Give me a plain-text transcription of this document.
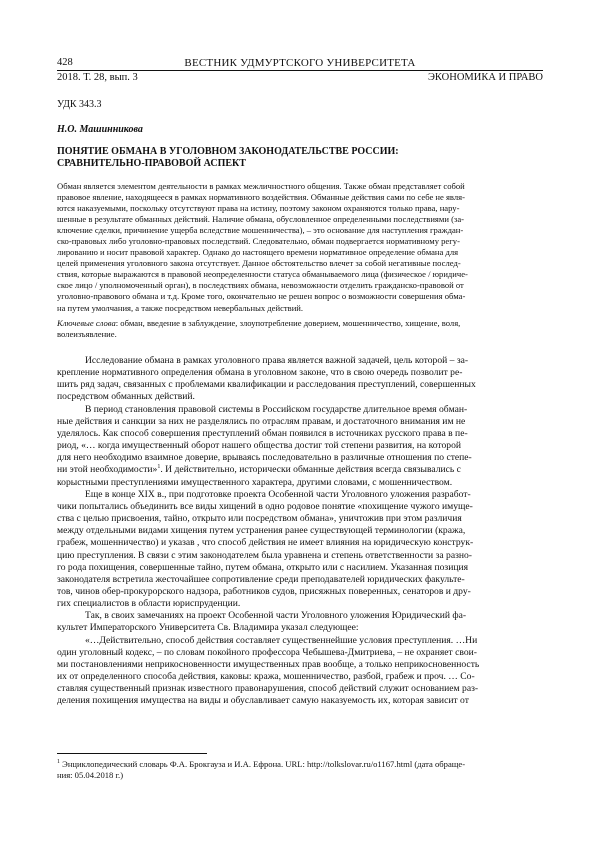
428	ВЕСТНИК УДМУРТСКОГО УНИВЕРСИТЕТА
2018. Т. 28, вып. 3	ЭКОНОМИКА И ПРАВО
УДК 343.3
Н.О. Машинникова
ПОНЯТИЕ ОБМАНА В УГОЛОВНОМ ЗАКОНОДАТЕЛЬСТВЕ РОССИИ:
СРАВНИТЕЛЬНО-ПРАВОВОЙ АСПЕКТ
Обман является элементом деятельности в рамках межличностного общения. Также обман представляет собой
правовое явление, находящееся в рамках нормативного воздействия. Обманные действия сами по себе не явля-
ются наказуемыми, поскольку отсутствуют права на истину, поэтому законом охраняются только права, нару-
шенные в результате обманных действий. Наличие обмана, обусловленное определенными последствиями (за-
ключение сделки, причинение ущерба вследствие мошенничества), – это основание для наступления граждан-
ско-правовых либо уголовно-правовых последствий. Следовательно, обман подвергается нормативному регу-
лированию и носит правовой характер. Однако до настоящего времени нормативное определение обмана для
целей применения уголовного закона отсутствует. Данное обстоятельство влечет за собой негативные послед-
ствия, которые выражаются в правовой неопределенности статуса обманываемого лица (физическое / юридиче-
ское лицо / уполномоченный орган), в последствиях обмана, невозможности отделить гражданско-правовой от
уголовно-правового обмана и т.д. Кроме того, окончательно не решен вопрос о возможности совершения обма-
на путем умолчания, а также посредством невербальных действий.
Ключевые слова: обман, введение в заблуждение, злоупотребление доверием, мошенничество, хищение, воля,
волеизъявление.
Исследование обмана в рамках уголовного права является важной задачей, цель которой – за-
крепление нормативного определения обмана в уголовном законе, что в свою очередь позволит ре-
шить ряд задач, связанных с проблемами квалификации и расследования преступлений, совершенных
посредством обманных действий.
В период становления правовой системы в Российском государстве длительное время обман-
ные действия и санкции за них не разделялись по отраслям правам, и достаточного внимания им не
уделялось. Как способ совершения преступлений обман появился в источниках русского права в пе-
риод, «… когда имущественный оборот нашего общества достиг той степени развития, на которой
для него необходимо взаимное доверие, врываясь последовательно в различные отношения по степе-
ни этой необходимости»$^1$. И действительно, исторически обманные действия всегда связывались с
корыстными преступлениями имущественного характера, другими словами, с мошенничеством.
Еще в конце XIX в., при подготовке проекта Особенной части Уголовного уложения разработ-
чики попытались объединить все виды хищений в одно родовое понятие «похищение чужого имуще-
ства с целью присвоения, тайно, открыто или посредством обмана», уничтожив при этом различия
между отдельными видами хищения путем устранения ранее существующей терминологии (кража,
грабеж, мошенничество) и указав , что способ действия не имеет влияния на юридическую конструк-
цию преступления. В связи с этим законодателем была уравнена и степень ответственности за разно-
го рода похищения, совершенные тайно, путем обмана, открыто или с насилием. Указанная позиция
законодателя встретила жесточайшее сопротивление среди преподавателей юридических факульте-
тов, чинов обер-прокурорского надзора, работников судов, присяжных поверенных, сенаторов и дру-
гих специалистов в области юриспруденции.
Так, в своих замечаниях на проект Особенной части Уголовного уложения Юридический фа-
культет Императорского Университета Св. Владимира указал следующее:
«…Действительно, способ действия составляет существеннейшие условия преступления. …Ни
один уголовный кодекс, – по словам покойного профессора Чебышева-Дмитриева, – не охраняет свои-
ми постановлениями неприкосновенности имущественных прав вообще, а только неприкосновенность
их от определенного способа действия, каковы: кража, мошенничество, разбой, грабеж и проч. … Со-
ставляя существенный признак известного правонарушения, способ действий служит основанием раз-
деления похищения имущества на виды и обуславливает самую наказуемость их, которая зависит от
$^1$ Энциклопедический словарь Ф.А. Брокгауза и И.А. Ефрона. URL: http://tolkslovar.ru/o1167.html (дата обраще-
ния: 05.04.2018 г.)
